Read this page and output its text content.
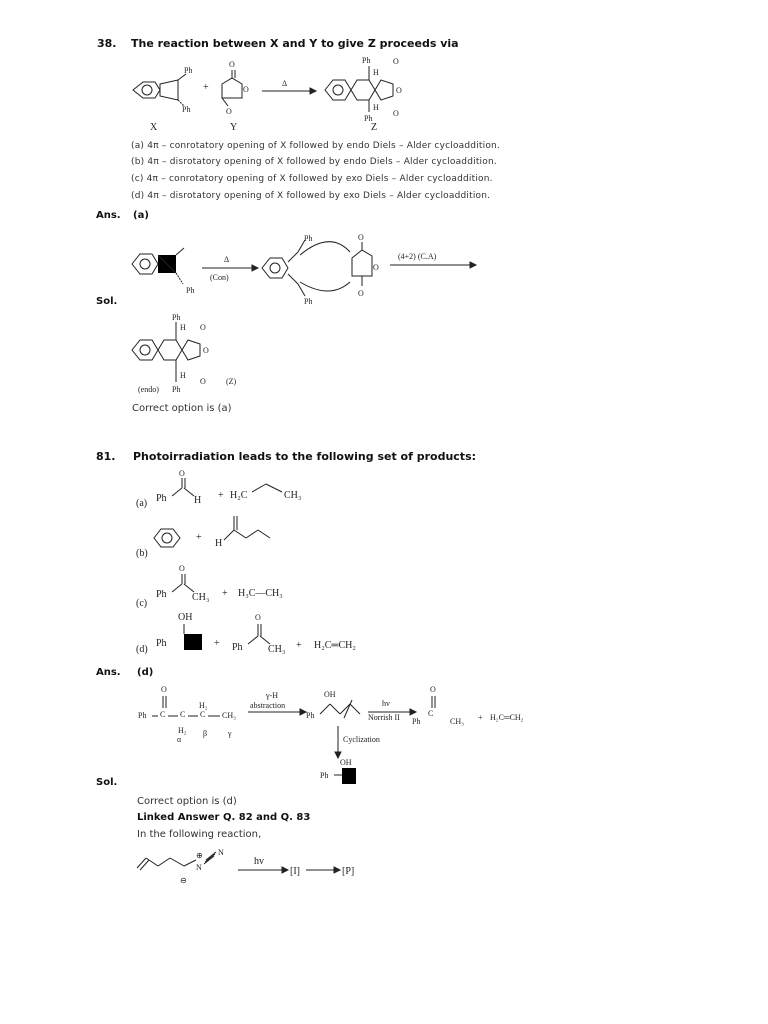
38. The reaction between X and Y to give Z proceeds via
Ph
Ph
X
+
O
O
O
Y
Δ
Ph
H
Ph
H
O
O
O
Z
(a) 4π – conrotatory opening of X followed by endo Diels – Alder cycloaddition.
(b) 4π – disrotatory opening of X followed by endo Diels – Alder cycloaddition.
(c) 4π – conrotatory opening of X followed by exo Diels – Alder cycloaddition.
(d) 4π – disrotatory opening of X followed by exo Diels – Alder cycloaddition.
Ans. (a)
Ph
Δ
(Con)
Ph
Ph
O
O
O
(4+2) (C.A)
Ph
H O
O
O
H
Ph
(endo)
(Z)
Sol.
Correct option is (a)
81. Photoirradiation leads to the following set of products:
(a) Ph
O
H + H₂C	CH₃
+
H
(b)
(c)
Ph
O
CH₃ + H₃C—CH₃
(d)
OH
Ph	+ Ph
O
CH₃ + H₂C═CH₂
Ans. (d)
Ph C
O
C
H₂
C
H₂
CH₃
α
β	γ
γ-H
abstraction
Ph
OH
hv
Norrish II Ph
C
O
CH₃ + H₂C═CH₂
Cyclization
OH
Ph
Sol.
Correct option is (d)
Linked Answer Q. 82 and Q. 83
In the following reaction,
⊖
⊕
N
N
hv
[I]	[P]
